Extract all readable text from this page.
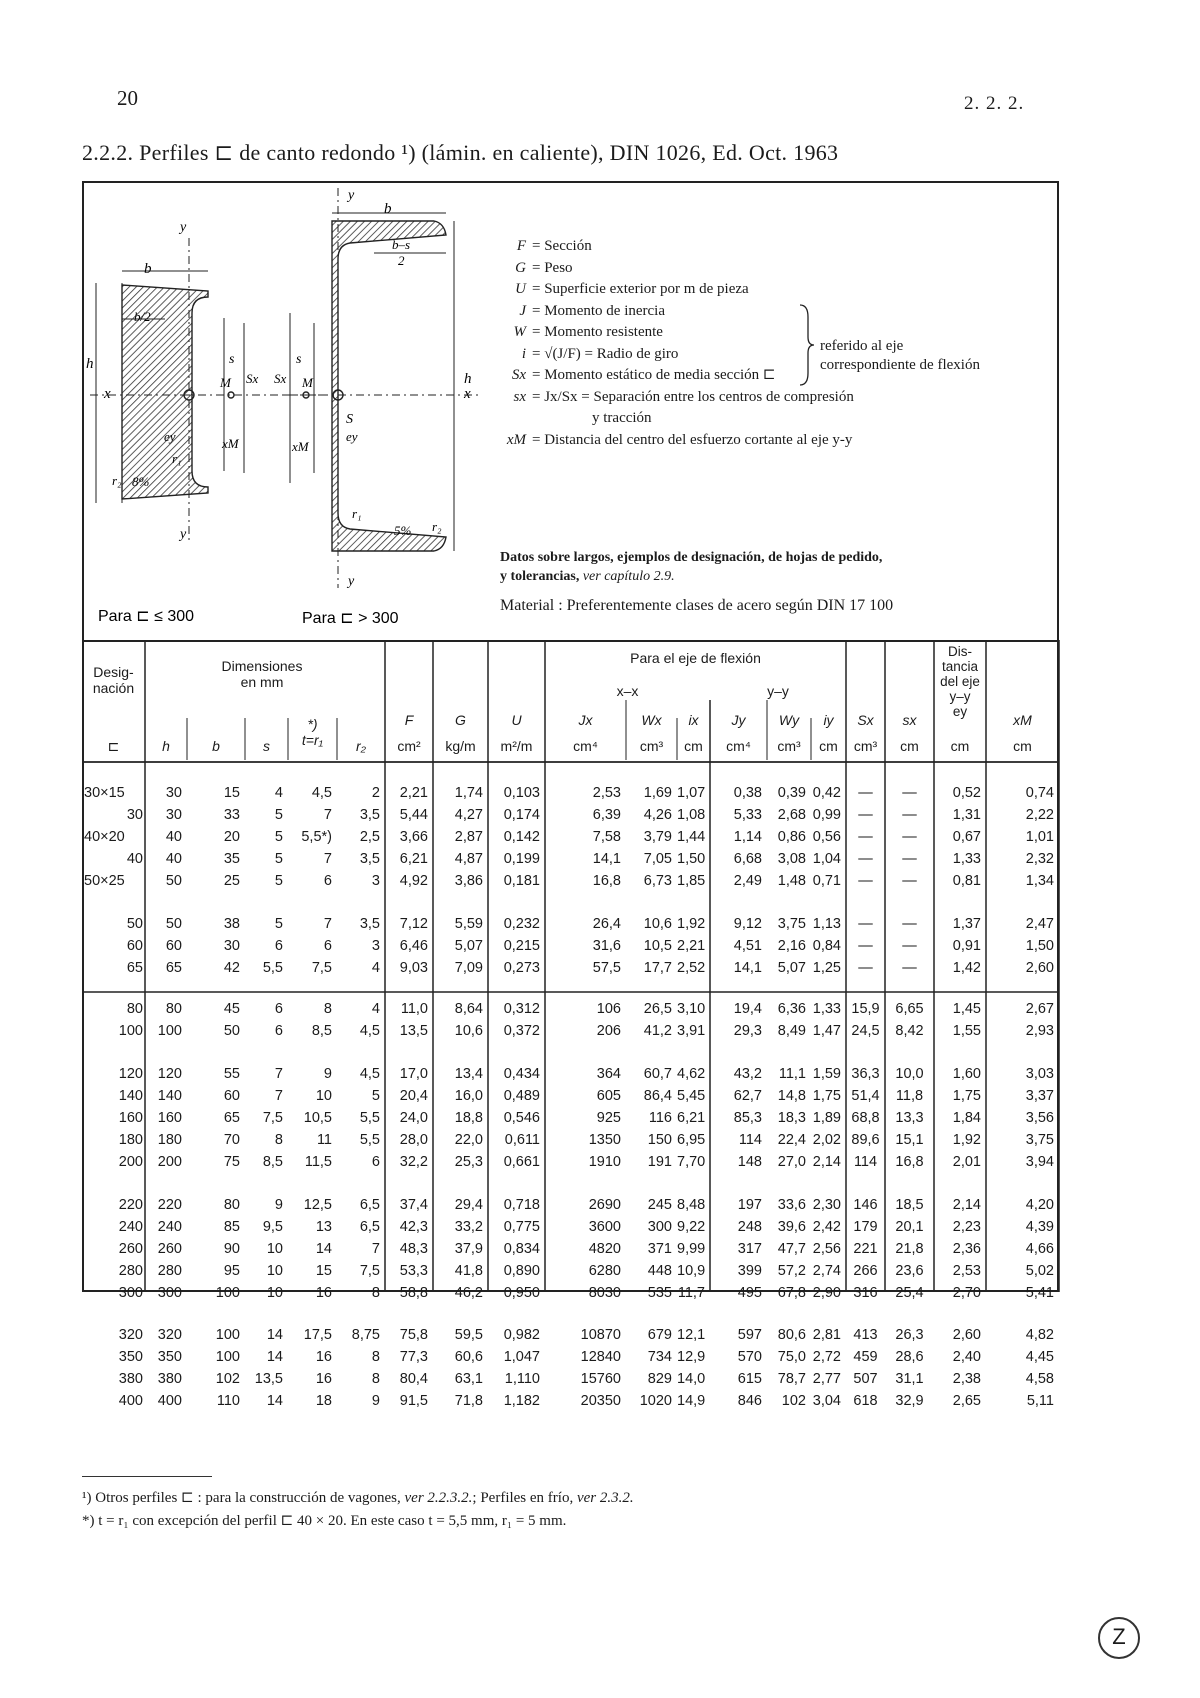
20	2. 2. 2.
2.2.2. Perfiles ⊏ de canto redondo ¹) (lámin. en caliente), DIN 1026, Ed. Oct. 1963
b
b/2
x
h	s
M Sx
ey	xM
r₁
r₂ 8%
y
y
b
b–s
2
h
x
s
M
Sx
S
ey
xM
r₁
r₂
5%
y
y
Para ⊏ ≤ 300	Para ⊏ > 300
F = Sección
G = Peso
U = Superficie exterior por m de pieza
J = Momento de inercia
W = Momento resistente
i = √(J/F) = Radio de giro
Sx = Momento estático de media sección ⊏
sx = Jx/Sx = Separación entre los centros de compresión
y tracción
xM = Distancia del centro del esfuerzo cortante al eje y-y
referido al eje
correspondiente de flexión
Datos sobre largos, ejemplos de designación, de hojas de pedido,
y tolerancias, ver capítulo 2.9.
Material : Preferentemente clases de acero según DIN 17 100
Desig-
nación
Dimensiones
en mm
Para el eje de flexión
x–x	y–y
Dis-
tancia
del eje
y–y
ey
⊏	h	b	s
*)
t=r₁	r₂
F	G	U	Jx	Wx	ix	Jy	Wy	iy	Sx	sx	xM
cm²	kg/m	m²/m	cm⁴	cm³	cm	cm⁴	cm³	cm	cm³	cm	cm	cm
30×15	30	15	4	4,5	2	2,21	1,74	0,103	2,53	1,69 1,07	0,38	0,39 0,42	—	—	0,52	0,74
30	30	33	5	7	3,5	5,44	4,27	0,174	6,39	4,26 1,08	5,33	2,68 0,99	—	—	1,31	2,22
40×20	40	20	5	5,5*)	2,5	3,66	2,87	0,142	7,58	3,79 1,44	1,14	0,86 0,56	—	—	0,67	1,01
40	40	35	5	7	3,5	6,21	4,87	0,199	14,1	7,05 1,50	6,68	3,08 1,04	—	—	1,33	2,32
50×25	50	25	5	6	3	4,92	3,86	0,181	16,8	6,73 1,85	2,49	1,48 0,71	—	—	0,81	1,34
50	50	38	5	7	3,5	7,12	5,59	0,232	26,4	10,6 1,92	9,12	3,75 1,13	—	—	1,37	2,47
60	60	30	6	6	3	6,46	5,07	0,215	31,6	10,5 2,21	4,51	2,16 0,84	—	—	0,91	1,50
65	65	42	5,5	7,5	4	9,03	7,09	0,273	57,5	17,7 2,52	14,1	5,07 1,25	—	—	1,42	2,60
80	80	45	6	8	4	11,0	8,64	0,312	106	26,5 3,10	19,4	6,36 1,33 15,9	6,65	1,45	2,67
100	100	50	6	8,5	4,5	13,5	10,6	0,372	206	41,2 3,91	29,3	8,49 1,47 24,5	8,42	1,55	2,93
120	120	55	7	9	4,5	17,0	13,4	0,434	364	60,7 4,62	43,2	11,1 1,59 36,3	10,0	1,60	3,03
140	140	60	7	10	5	20,4	16,0	0,489	605	86,4 5,45	62,7	14,8 1,75 51,4	11,8	1,75	3,37
160	160	65	7,5	10,5	5,5	24,0	18,8	0,546	925	116 6,21	85,3	18,3 1,89 68,8	13,3	1,84	3,56
180	180	70	8	11	5,5	28,0	22,0	0,611	1350	150 6,95	114	22,4 2,02 89,6	15,1	1,92	3,75
200	200	75	8,5	11,5	6	32,2	25,3	0,661	1910	191 7,70	148	27,0 2,14 114	16,8	2,01	3,94
220	220	80	9	12,5	6,5	37,4	29,4	0,718	2690	245 8,48	197	33,6 2,30 146	18,5	2,14	4,20
240	240	85	9,5	13	6,5	42,3	33,2	0,775	3600	300 9,22	248	39,6 2,42 179	20,1	2,23	4,39
260	260	90	10	14	7	48,3	37,9	0,834	4820	371 9,99	317	47,7 2,56 221	21,8	2,36	4,66
280	280	95	10	15	7,5	53,3	41,8	0,890	6280	448 10,9	399	57,2 2,74 266	23,6	2,53	5,02
300	300	100	10	16	8	58,8	46,2	0,950	8030	535 11,7	495	67,8 2,90 316	25,4	2,70	5,41
320	320	100	14	17,5	8,75	75,8	59,5	0,982	10870	679 12,1	597	80,6 2,81 413	26,3	2,60	4,82
350	350	100	14	16	8	77,3	60,6	1,047	12840	734 12,9	570	75,0 2,72 459	28,6	2,40	4,45
380	380	102	13,5	16	8	80,4	63,1	1,110	15760	829 14,0	615	78,7 2,77 507	31,1	2,38	4,58
400	400	110	14	18	9	91,5	71,8	1,182	20350	1020 14,9	846	102 3,04 618	32,9	2,65	5,11
¹) Otros perfiles ⊏ : para la construcción de vagones, ver 2.2.3.2.; Perfiles en frío, ver 2.3.2.
*) t = r₁ con excepción del perfil ⊏ 40 × 20. En este caso t = 5,5 mm, r₁ = 5 mm.
Z
